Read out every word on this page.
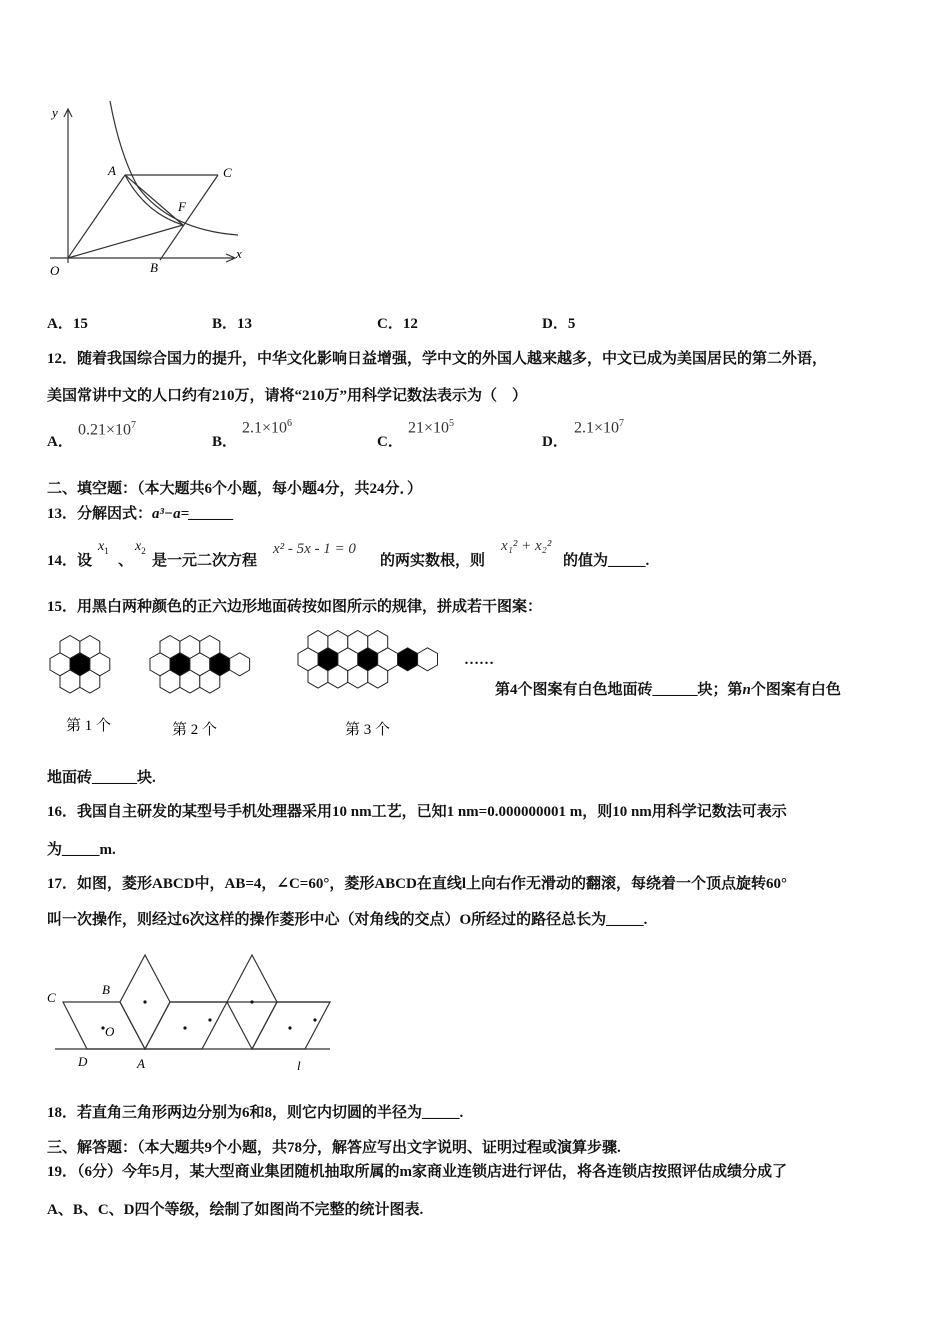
y
x
O
A
B
C
F
A．15	B．13	C．12	D．5
12．随着我国综合国力的提升，中华文化影响日益增强，学中文的外国人越来越多，中文已成为美国居民的第二外语，
美国常讲中文的人口约有210万，请将“210万”用科学记数法表示为（　）
A．
$0.21\times 10^7$
B．
$2.1\times 10^6$
C．
$21\times 10^5$
D．
$2.1\times 10^7$
二、填空题：（本大题共6个小题，每小题4分，共24分．）
13．分解因式：a³−a=______
14．设
$x_1$
、
$x_2$
是一元二次方程
x² - 5x - 1 = 0
的两实数根，则
x₁² + x₂²
的值为_____.
15．用黑白两种颜色的正六边形地面砖按如图所示的规律，拼成若干图案：
第 1 个	第 2 个	第 3 个
……
第4个图案有白色地面砖______块；第n个图案有白色
地面砖______块.
16．我国自主研发的某型号手机处理器采用10 nm工艺，已知1 nm=0.000000001 m，则10 nm用科学记数法可表示
为_____m.
17．如图，菱形ABCD中，AB=4，∠C=60°，菱形ABCD在直线l上向右作无滑动的翻滚，每绕着一个顶点旋转60°
叫一次操作，则经过6次这样的操作菱形中心（对角线的交点）O所经过的路径总长为_____.
C
B
O
D	A	l
18．若直角三角形两边分别为6和8，则它内切圆的半径为_____.
三、解答题：（本大题共9个小题，共78分，解答应写出文字说明、证明过程或演算步骤.
19．（6分）今年5月，某大型商业集团随机抽取所属的m家商业连锁店进行评估，将各连锁店按照评估成绩分成了
A、B、C、D四个等级，绘制了如图尚不完整的统计图表.
